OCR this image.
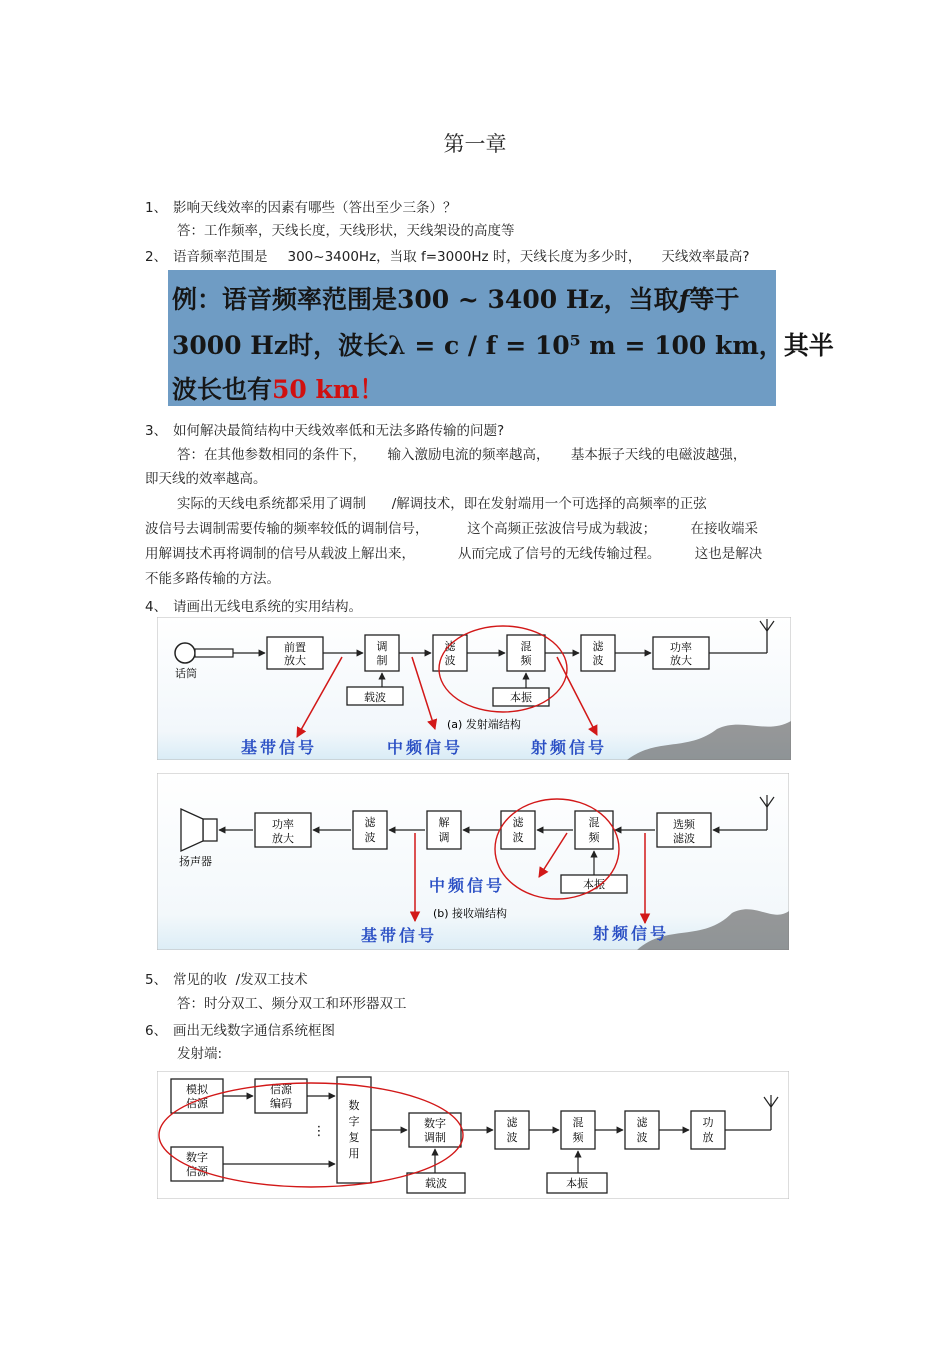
第一章
1、 影响天线效率的因素有哪些（答出至少三条）？
答：工作频率，天线长度，天线形状，天线架设的高度等
2、 语音频率范围是 300~3400Hz，当取 f=3000Hz 时，天线长度为多少时， 天线效率最高?
例：语音频率范围是300 ~ 3400 Hz，当取f等于
3000 Hz时，波长λ = c / f = 10⁵ m = 100 km，其半
波长也有50 km！
3、 如何解决最简结构中天线效率低和无法多路传输的问题?
答：在其他参数相同的条件下，     输入激励电流的频率越高，     基本振子天线的电磁波越强，
即天线的效率越高。
实际的天线电系统都采用了调制      /解调技术，即在发射端用一个可选择的高频率的正弦
波信号去调制需要传输的频率较低的调制信号，         这个高频正弦波信号成为载波；        在接收端采
用解调技术再将调制的信号从载波上解出来，          从而完成了信号的无线传输过程。        这也是解决
不能多路传输的方法。
4、 请画出无线电系统的实用结构。
话筒
前置
放大
调
制
载波
滤
波
混
频
本振
滤
波
功率
放大
(a) 发射端结构
基带信号	中频信号	射频信号
扬声器
功率
放大
滤
波
解
调
滤
波
混
频
本振
选频
滤波
中频信号
(b) 接收端结构
基带信号	射频信号
5、 常见的收  /发双工技术
答：时分双工、频分双工和环形器双工
6、 画出无线数字通信系统框图
发射端:
模拟
信源
信源
编码
数字
信源
⋮
数
字
复
用
数字
调制
载波
滤
波
混
频
本振
滤
波
功
放
